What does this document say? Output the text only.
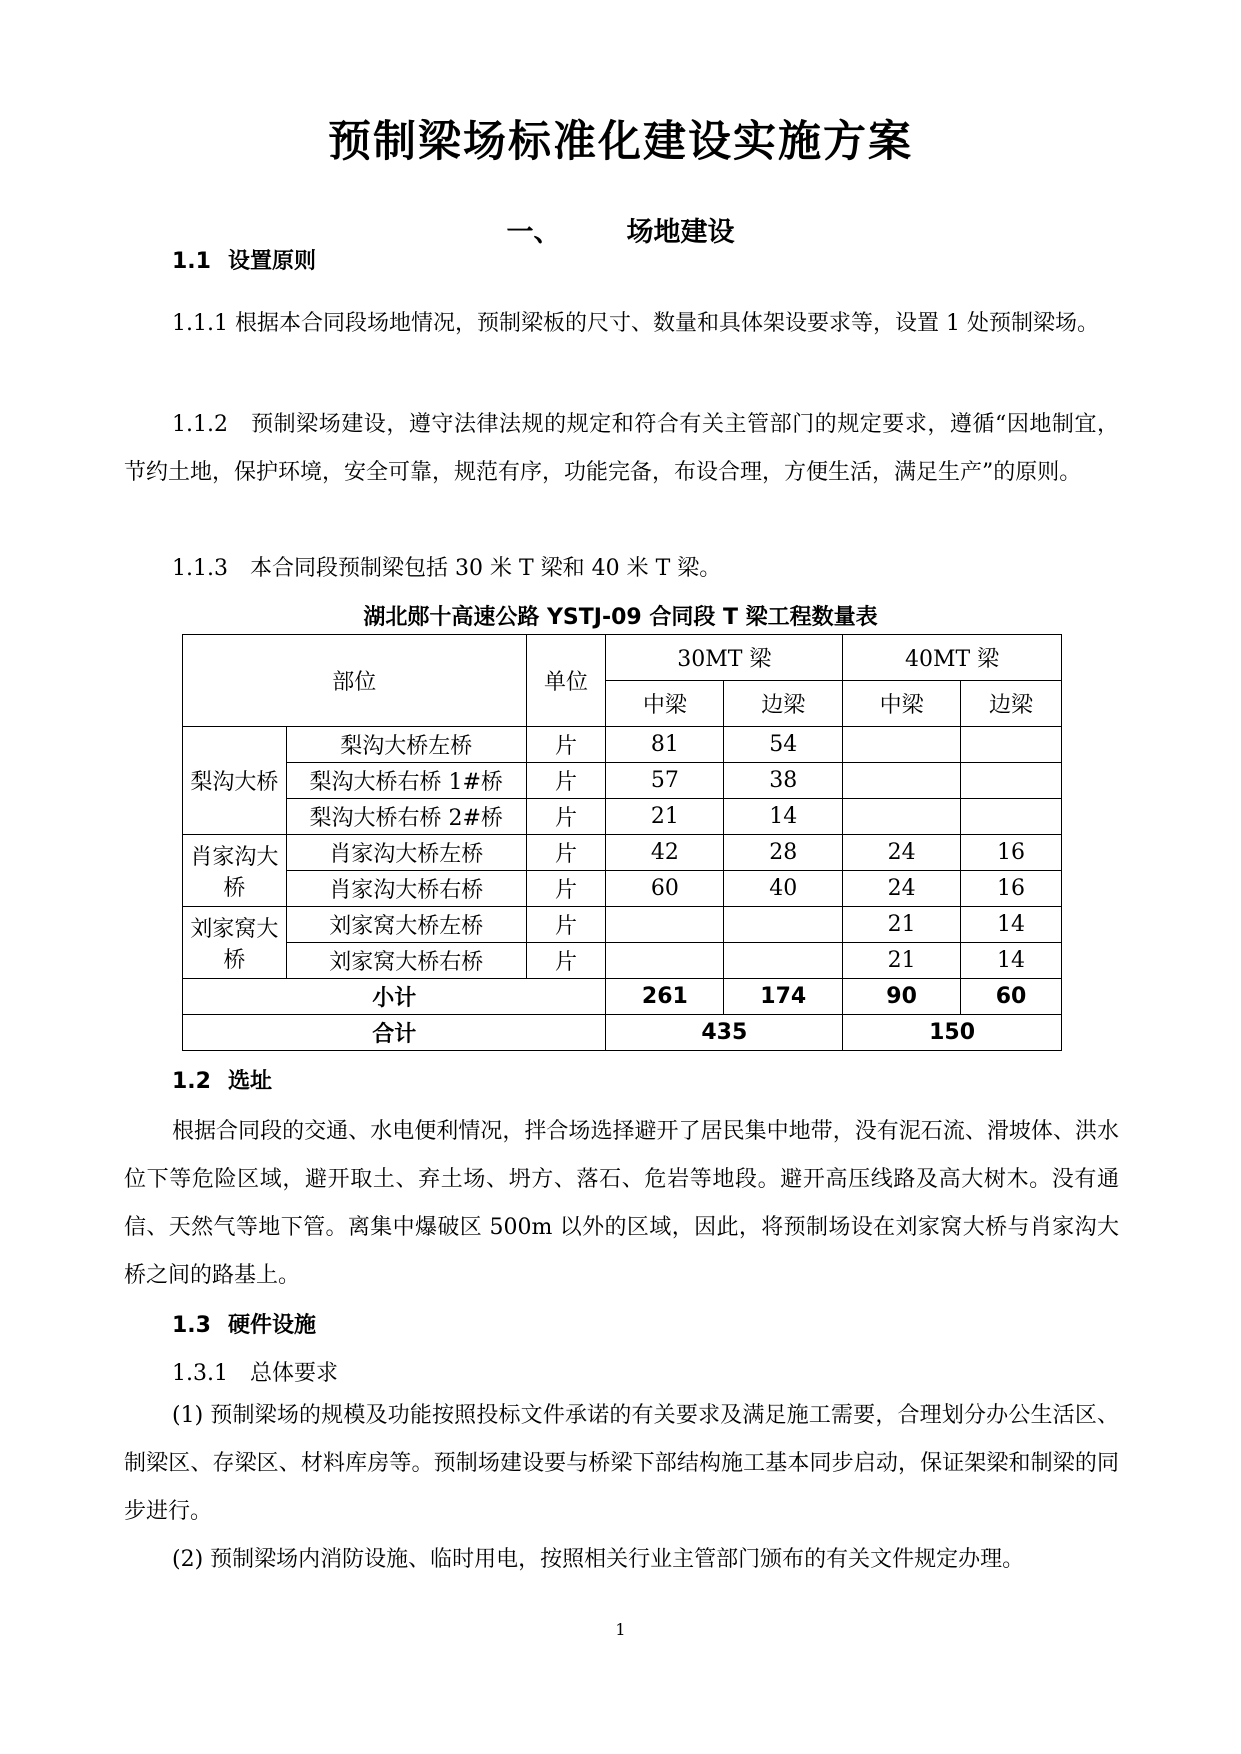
预制梁场标准化建设实施方案
一、 场地建设
1.1 设置原则
1.1.1 根据本合同段场地情况，预制梁板的尺寸、数量和具体架设要求等，设置 1 处预制梁场。
1.1.2　预制梁场建设，遵守法律法规的规定和符合有关主管部门的规定要求，遵循“因地制宜，节约土地，保护环境，安全可靠，规范有序，功能完备，布设合理，方便生活，满足生产”的原则。
1.1.3　本合同段预制梁包括 30 米 T 梁和 40 米 T 梁。
湖北郧十高速公路 YSTJ-09 合同段 T 梁工程数量表
部位		单位	30MT 梁		40MT 梁	
			中梁	边梁	中梁	边梁
梨沟大桥	梨沟大桥左桥	片	81	54		
	梨沟大桥右桥 1#桥	片	57	38		
	梨沟大桥右桥 2#桥	片	21	14		
肖家沟大桥	肖家沟大桥左桥	片	42	28	24	16
	肖家沟大桥右桥	片	60	40	24	16
刘家窝大桥	刘家窝大桥左桥	片			21	14
	刘家窝大桥右桥	片			21	14
小计			261	174	90	60
合计			435		150	
1.2 选址
根据合同段的交通、水电便利情况，拌合场选择避开了居民集中地带，没有泥石流、滑坡体、洪水位下等危险区域，避开取土、弃土场、坍方、落石、危岩等地段。避开高压线路及高大树木。没有通信、天然气等地下管。离集中爆破区 500m 以外的区域，因此，将预制场设在刘家窝大桥与肖家沟大桥之间的路基上。
1.3 硬件设施
1.3.1　总体要求
(1) 预制梁场的规模及功能按照投标文件承诺的有关要求及满足施工需要，合理划分办公生活区、制梁区、存梁区、材料库房等。预制场建设要与桥梁下部结构施工基本同步启动，保证架梁和制梁的同步进行。
(2) 预制梁场内消防设施、临时用电，按照相关行业主管部门颁布的有关文件规定办理。
1
